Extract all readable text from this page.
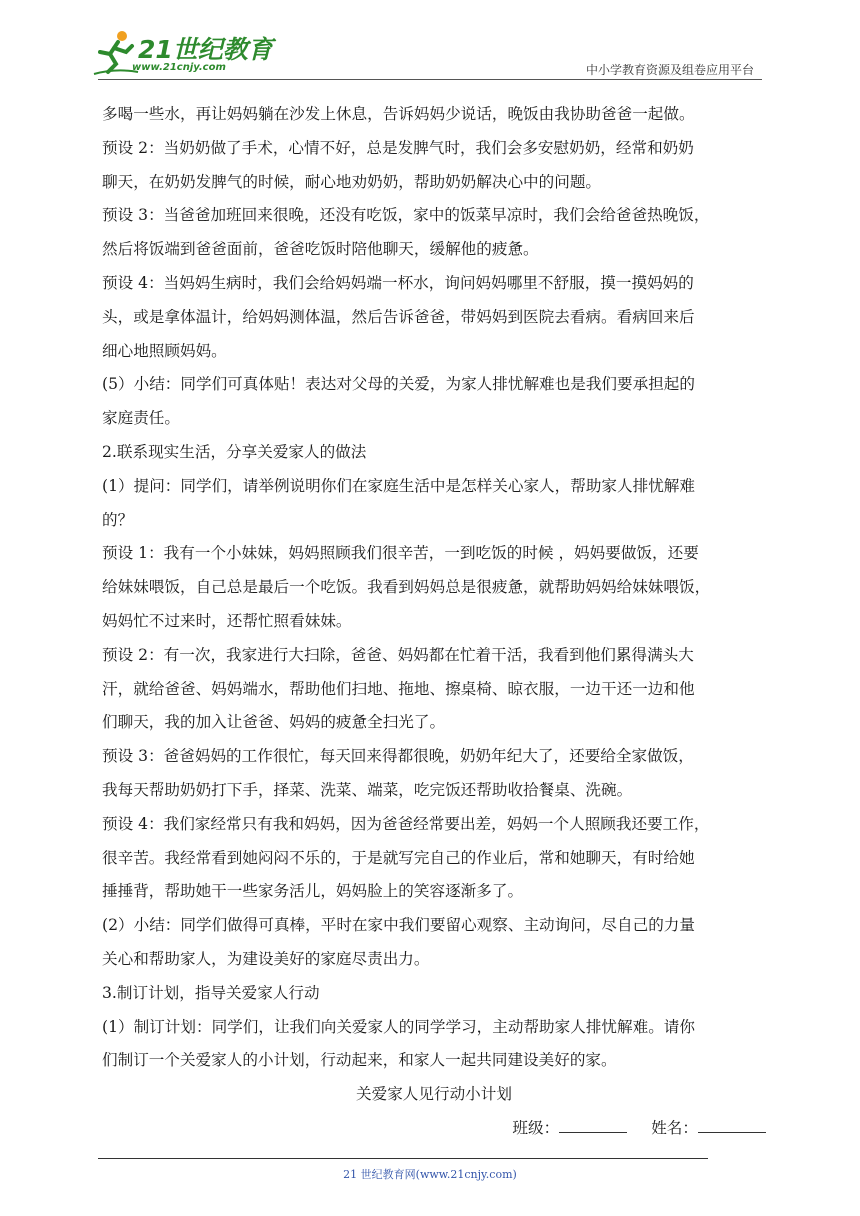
21世纪教育
www.21cnjy.com	中小学教育资源及组卷应用平台

多喝一些水，再让妈妈躺在沙发上休息，告诉妈妈少说话，晚饭由我协助爸爸一起做。

预设 2：当奶奶做了手术，心情不好，总是发脾气时，我们会多安慰奶奶，经常和奶奶

聊天，在奶奶发脾气的时候，耐心地劝奶奶，帮助奶奶解决心中的问题。

预设 3：当爸爸加班回来很晚，还没有吃饭，家中的饭菜早凉时，我们会给爸爸热晚饭，

然后将饭端到爸爸面前，爸爸吃饭时陪他聊天，缓解他的疲惫。

预设 4：当妈妈生病时，我们会给妈妈端一杯水，询问妈妈哪里不舒服，摸一摸妈妈的

头，或是拿体温计，给妈妈测体温，然后告诉爸爸，带妈妈到医院去看病。看病回来后

细心地照顾妈妈。

(5）小结：同学们可真体贴！表达对父母的关爱，为家人排忧解难也是我们要承担起的

家庭责任。

2.联系现实生活，分享关爱家人的做法

(1）提问：同学们，请举例说明你们在家庭生活中是怎样关心家人，帮助家人排忧解难

的？

预设 1：我有一个小妹妹，妈妈照顾我们很辛苦，一到吃饭的时候 ，妈妈要做饭，还要

给妹妹喂饭，自己总是最后一个吃饭。我看到妈妈总是很疲惫，就帮助妈妈给妹妹喂饭，

妈妈忙不过来时，还帮忙照看妹妹。

预设 2：有一次，我家进行大扫除，爸爸、妈妈都在忙着干活，我看到他们累得满头大

汗，就给爸爸、妈妈端水，帮助他们扫地、拖地、擦桌椅、晾衣服，一边干还一边和他

们聊天，我的加入让爸爸、妈妈的疲惫全扫光了。

预设 3：爸爸妈妈的工作很忙，每天回来得都很晚，奶奶年纪大了，还要给全家做饭，

我每天帮助奶奶打下手，择菜、洗菜、端菜，吃完饭还帮助收拾餐桌、洗碗。

预设 4：我们家经常只有我和妈妈，因为爸爸经常要出差，妈妈一个人照顾我还要工作，

很辛苦。我经常看到她闷闷不乐的，于是就写完自己的作业后，常和她聊天，有时给她

捶捶背，帮助她干一些家务活儿，妈妈脸上的笑容逐渐多了。

(2）小结：同学们做得可真棒，平时在家中我们要留心观察、主动询问，尽自己的力量

关心和帮助家人，为建设美好的家庭尽责出力。

3.制订计划，指导关爱家人行动

(1）制订计划：同学们，让我们向关爱家人的同学学习，主动帮助家人排忧解难。请你

们制订一个关爱家人的小计划，行动起来，和家人一起共同建设美好的家。

关爱家人见行动小计划

班级：	姓名：

21 世纪教育网(www.21cnjy.com)
